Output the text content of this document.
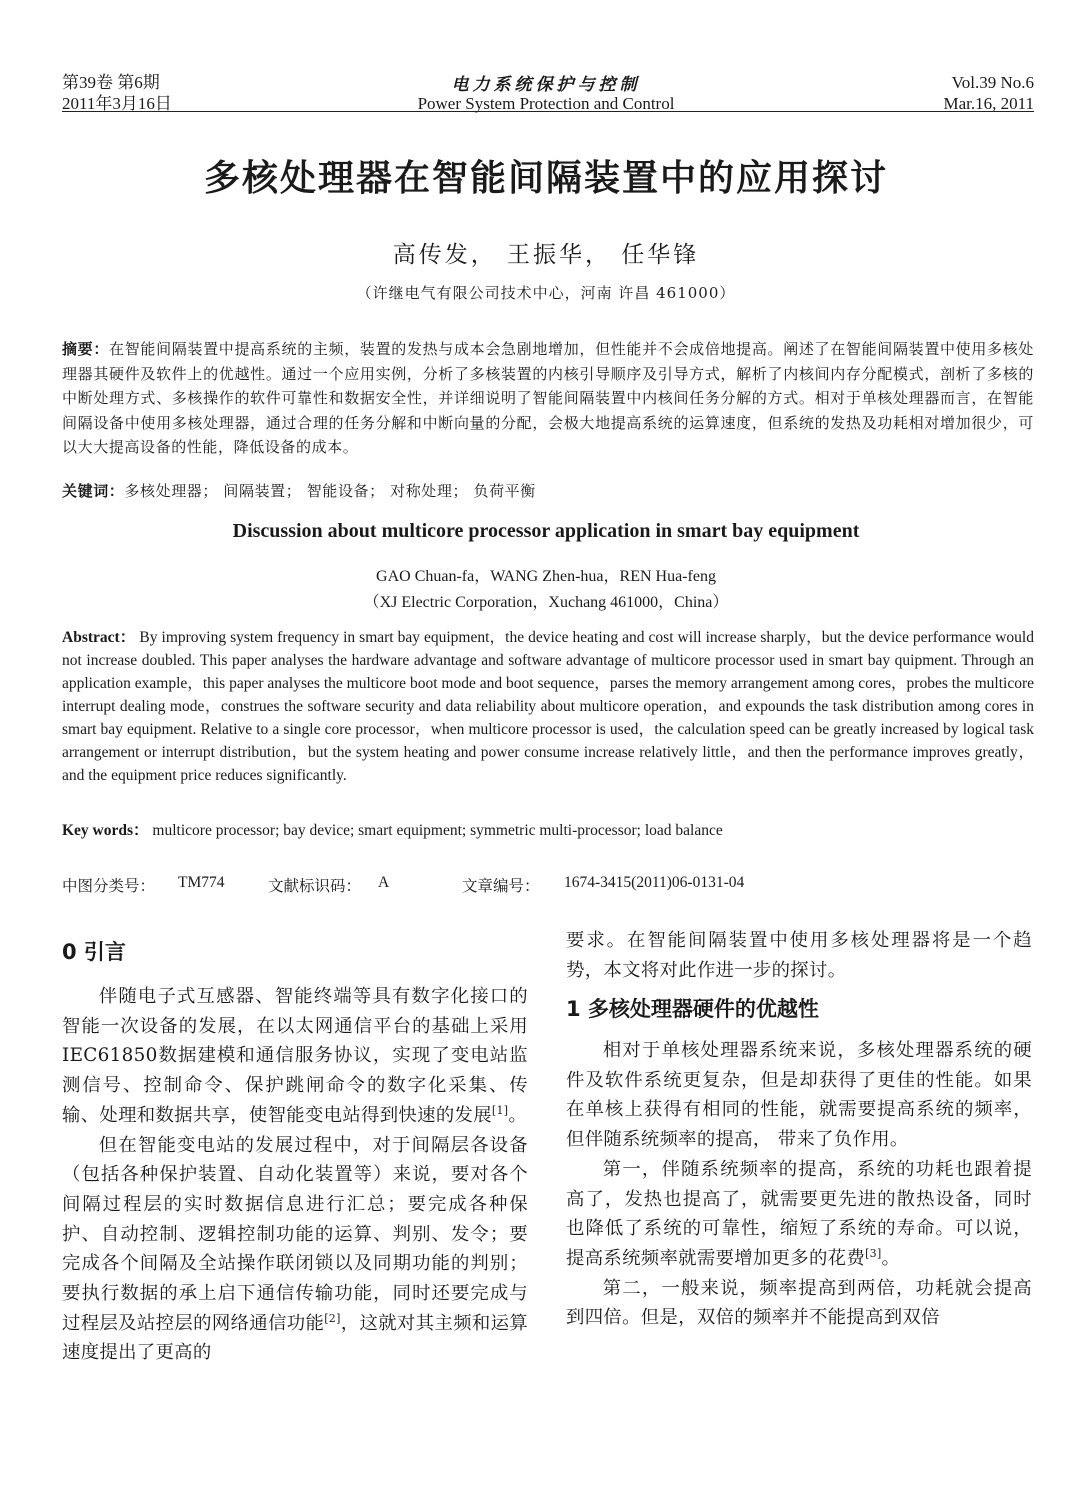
第39卷 第6期
2011年3月16日
电力系统保护与控制
Power System Protection and Control
Vol.39 No.6
Mar.16, 2011
多核处理器在智能间隔装置中的应用探讨
高传发， 王振华， 任华锋
（许继电气有限公司技术中心，河南 许昌 461000）
摘要：在智能间隔装置中提高系统的主频，装置的发热与成本会急剧地增加，但性能并不会成倍地提高。阐述了在智能间隔装置中使用多核处理器其硬件及软件上的优越性。通过一个应用实例，分析了多核装置的内核引导顺序及引导方式，解析了内核间内存分配模式，剖析了多核的中断处理方式、多核操作的软件可靠性和数据安全性，并详细说明了智能间隔装置中内核间任务分解的方式。相对于单核处理器而言，在智能间隔设备中使用多核处理器，通过合理的任务分解和中断向量的分配，会极大地提高系统的运算速度，但系统的发热及功耗相对增加很少，可以大大提高设备的性能，降低设备的成本。
关键词：多核处理器； 间隔装置； 智能设备； 对称处理； 负荷平衡
Discussion about multicore processor application in smart bay equipment
GAO Chuan-fa，WANG Zhen-hua，REN Hua-feng
（XJ Electric Corporation，Xuchang 461000，China）
Abstract： By improving system frequency in smart bay equipment，the device heating and cost will increase sharply，but the device performance would not increase doubled. This paper analyses the hardware advantage and software advantage of multicore processor used in smart bay quipment. Through an application example，this paper analyses the multicore boot mode and boot sequence，parses the memory arrangement among cores，probes the multicore interrupt dealing mode，construes the software security and data reliability about multicore operation，and expounds the task distribution among cores in smart bay equipment. Relative to a single core processor，when multicore processor is used，the calculation speed can be greatly increased by logical task arrangement or interrupt distribution，but the system heating and power consume increase relatively little，and then the performance improves greatly，and the equipment price reduces significantly.
Key words： multicore processor; bay device; smart equipment; symmetric multi-processor; load balance
中图分类号： TM774	文献标识码： A	文章编号： 1674-3415(2011)06-0131-04
0 引言

伴随电子式互感器、智能终端等具有数字化接口的智能一次设备的发展，在以太网通信平台的基础上采用IEC61850数据建模和通信服务协议，实现了变电站监测信号、控制命令、保护跳闸命令的数字化采集、传输、处理和数据共享，使智能变电站得到快速的发展[1]。

但在智能变电站的发展过程中，对于间隔层各设备（包括各种保护装置、自动化装置等）来说，要对各个间隔过程层的实时数据信息进行汇总；要完成各种保护、自动控制、逻辑控制功能的运算、判别、发令；要完成各个间隔及全站操作联闭锁以及同期功能的判别；要执行数据的承上启下通信传输功能，同时还要完成与过程层及站控层的网络通信功能[2]，这就对其主频和运算速度提出了更高的

要求。在智能间隔装置中使用多核处理器将是一个趋势，本文将对此作进一步的探讨。

1 多核处理器硬件的优越性

相对于单核处理器系统来说，多核处理器系统的硬件及软件系统更复杂，但是却获得了更佳的性能。如果在单核上获得有相同的性能，就需要提高系统的频率，但伴随系统频率的提高， 带来了负作用。

第一，伴随系统频率的提高，系统的功耗也跟着提高了，发热也提高了，就需要更先进的散热设备，同时也降低了系统的可靠性，缩短了系统的寿命。可以说，提高系统频率就需要增加更多的花费[3]。

第二，一般来说，频率提高到两倍，功耗就会提高到四倍。但是，双倍的频率并不能提高到双倍
